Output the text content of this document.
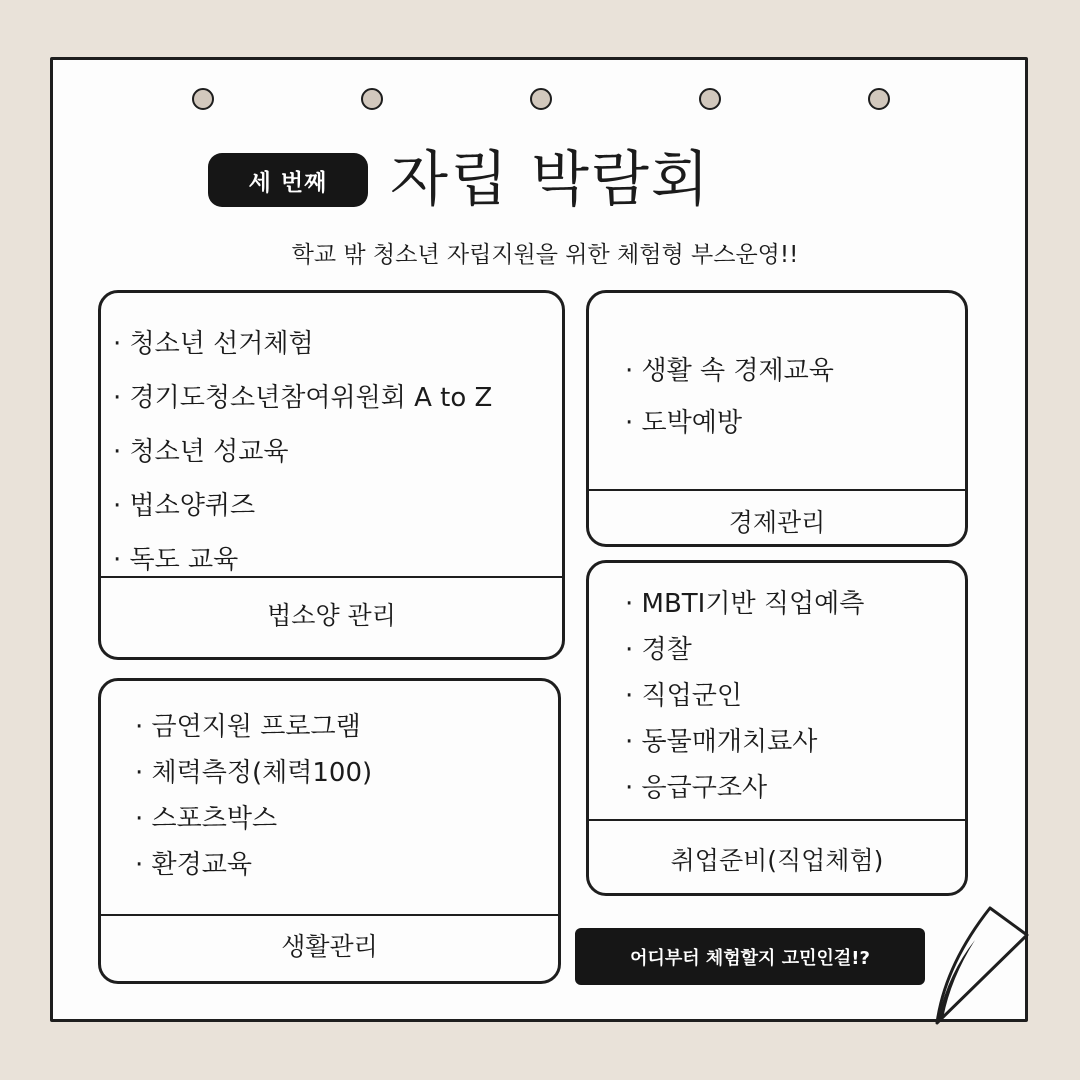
세 번째	자립 박람회
학교 밖 청소년 자립지원을 위한 체험형 부스운영!!
· 청소년 선거체험
· 경기도청소년참여위원회 A to Z
· 청소년 성교육
· 법소양퀴즈
· 독도 교육
법소양 관리
· 생활 속 경제교육
· 도박예방
경제관리
· MBTI기반 직업예측
· 경찰
· 직업군인
· 동물매개치료사
· 응급구조사
취업준비(직업체험)
· 금연지원 프로그램
· 체력측정(체력100)
· 스포츠박스
· 환경교육
생활관리	어디부터 체험할지 고민인걸!?
